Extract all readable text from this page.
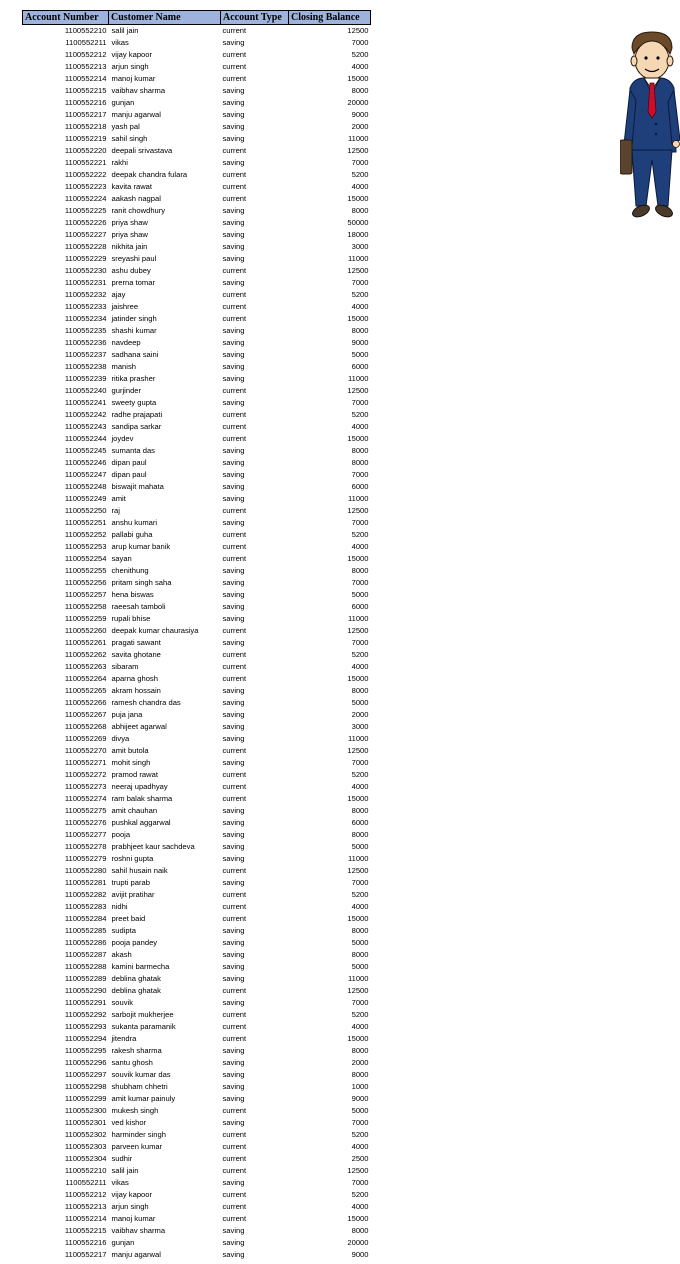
Account Number	Customer Name	Account Type	Closing Balance
1100552210	salil jain	current	12500
1100552211	vikas	saving	7000
1100552212	vijay kapoor	current	5200
1100552213	arjun singh	current	4000
1100552214	manoj kumar	current	15000
1100552215	vaibhav sharma	saving	8000
1100552216	gunjan	saving	20000
1100552217	manju agarwal	saving	9000
1100552218	yash pal	saving	2000
1100552219	sahil singh	saving	11000
1100552220	deepali srivastava	current	12500
1100552221	rakhi	saving	7000
1100552222	deepak chandra fulara	current	5200
1100552223	kavita rawat	current	4000
1100552224	aakash nagpal	current	15000
1100552225	ranit chowdhury	saving	8000
1100552226	priya shaw	saving	50000
1100552227	priya shaw	saving	18000
1100552228	nikhita jain	saving	3000
1100552229	sreyashi paul	saving	11000
1100552230	ashu dubey	current	12500
1100552231	prerna tomar	saving	7000
1100552232	ajay	current	5200
1100552233	jaishree	current	4000
1100552234	jatinder singh	current	15000
1100552235	shashi kumar	saving	8000
1100552236	navdeep	saving	9000
1100552237	sadhana saini	saving	5000
1100552238	manish	saving	6000
1100552239	ritika prasher	saving	11000
1100552240	gurjinder	current	12500
1100552241	sweety gupta	saving	7000
1100552242	radhe prajapati	current	5200
1100552243	sandipa sarkar	current	4000
1100552244	joydev	current	15000
1100552245	sumanta das	saving	8000
1100552246	dipan paul	saving	8000
1100552247	dipan paul	saving	7000
1100552248	biswajit mahata	saving	6000
1100552249	amit	saving	11000
1100552250	raj	current	12500
1100552251	anshu kumari	saving	7000
1100552252	pallabi guha	current	5200
1100552253	arup kumar banik	current	4000
1100552254	sayan	current	15000
1100552255	chenithung	saving	8000
1100552256	pritam singh saha	saving	7000
1100552257	hena biswas	saving	5000
1100552258	raeesah tamboli	saving	6000
1100552259	rupali bhise	saving	11000
1100552260	deepak kumar chaurasiya	current	12500
1100552261	pragati sawant	saving	7000
1100552262	savita ghotane	current	5200
1100552263	sibaram	current	4000
1100552264	aparna ghosh	current	15000
1100552265	akram hossain	saving	8000
1100552266	ramesh chandra das	saving	5000
1100552267	puja jana	saving	2000
1100552268	abhijeet agarwal	saving	3000
1100552269	divya	saving	11000
1100552270	amit butola	current	12500
1100552271	mohit singh	saving	7000
1100552272	pramod rawat	current	5200
1100552273	neeraj upadhyay	current	4000
1100552274	ram balak sharma	current	15000
1100552275	amit chauhan	saving	8000
1100552276	pushkal aggarwal	saving	6000
1100552277	pooja	saving	8000
1100552278	prabhjeet kaur sachdeva	saving	5000
1100552279	roshni gupta	saving	11000
1100552280	sahil husain naik	current	12500
1100552281	trupti parab	saving	7000
1100552282	avijit pratihar	current	5200
1100552283	nidhi	current	4000
1100552284	preet baid	current	15000
1100552285	sudipta	saving	8000
1100552286	pooja pandey	saving	5000
1100552287	akash	saving	8000
1100552288	kamini barmecha	saving	5000
1100552289	deblina ghatak	saving	11000
1100552290	deblina ghatak	current	12500
1100552291	souvik	saving	7000
1100552292	sarbojit mukherjee	current	5200
1100552293	sukanta paramanik	current	4000
1100552294	jitendra	current	15000
1100552295	rakesh sharma	saving	8000
1100552296	santu ghosh	saving	2000
1100552297	souvik kumar das	saving	8000
1100552298	shubham chhetri	saving	1000
1100552299	amit kumar painuly	saving	9000
1100552300	mukesh singh	current	5000
1100552301	ved kishor	saving	7000
1100552302	harminder singh	current	5200
1100552303	parveen kumar	current	4000
1100552304	sudhir	current	2500
1100552210	salil jain	current	12500
1100552211	vikas	saving	7000
1100552212	vijay kapoor	current	5200
1100552213	arjun singh	current	4000
1100552214	manoj kumar	current	15000
1100552215	vaibhav sharma	saving	8000
1100552216	gunjan	saving	20000
1100552217	manju agarwal	saving	9000
